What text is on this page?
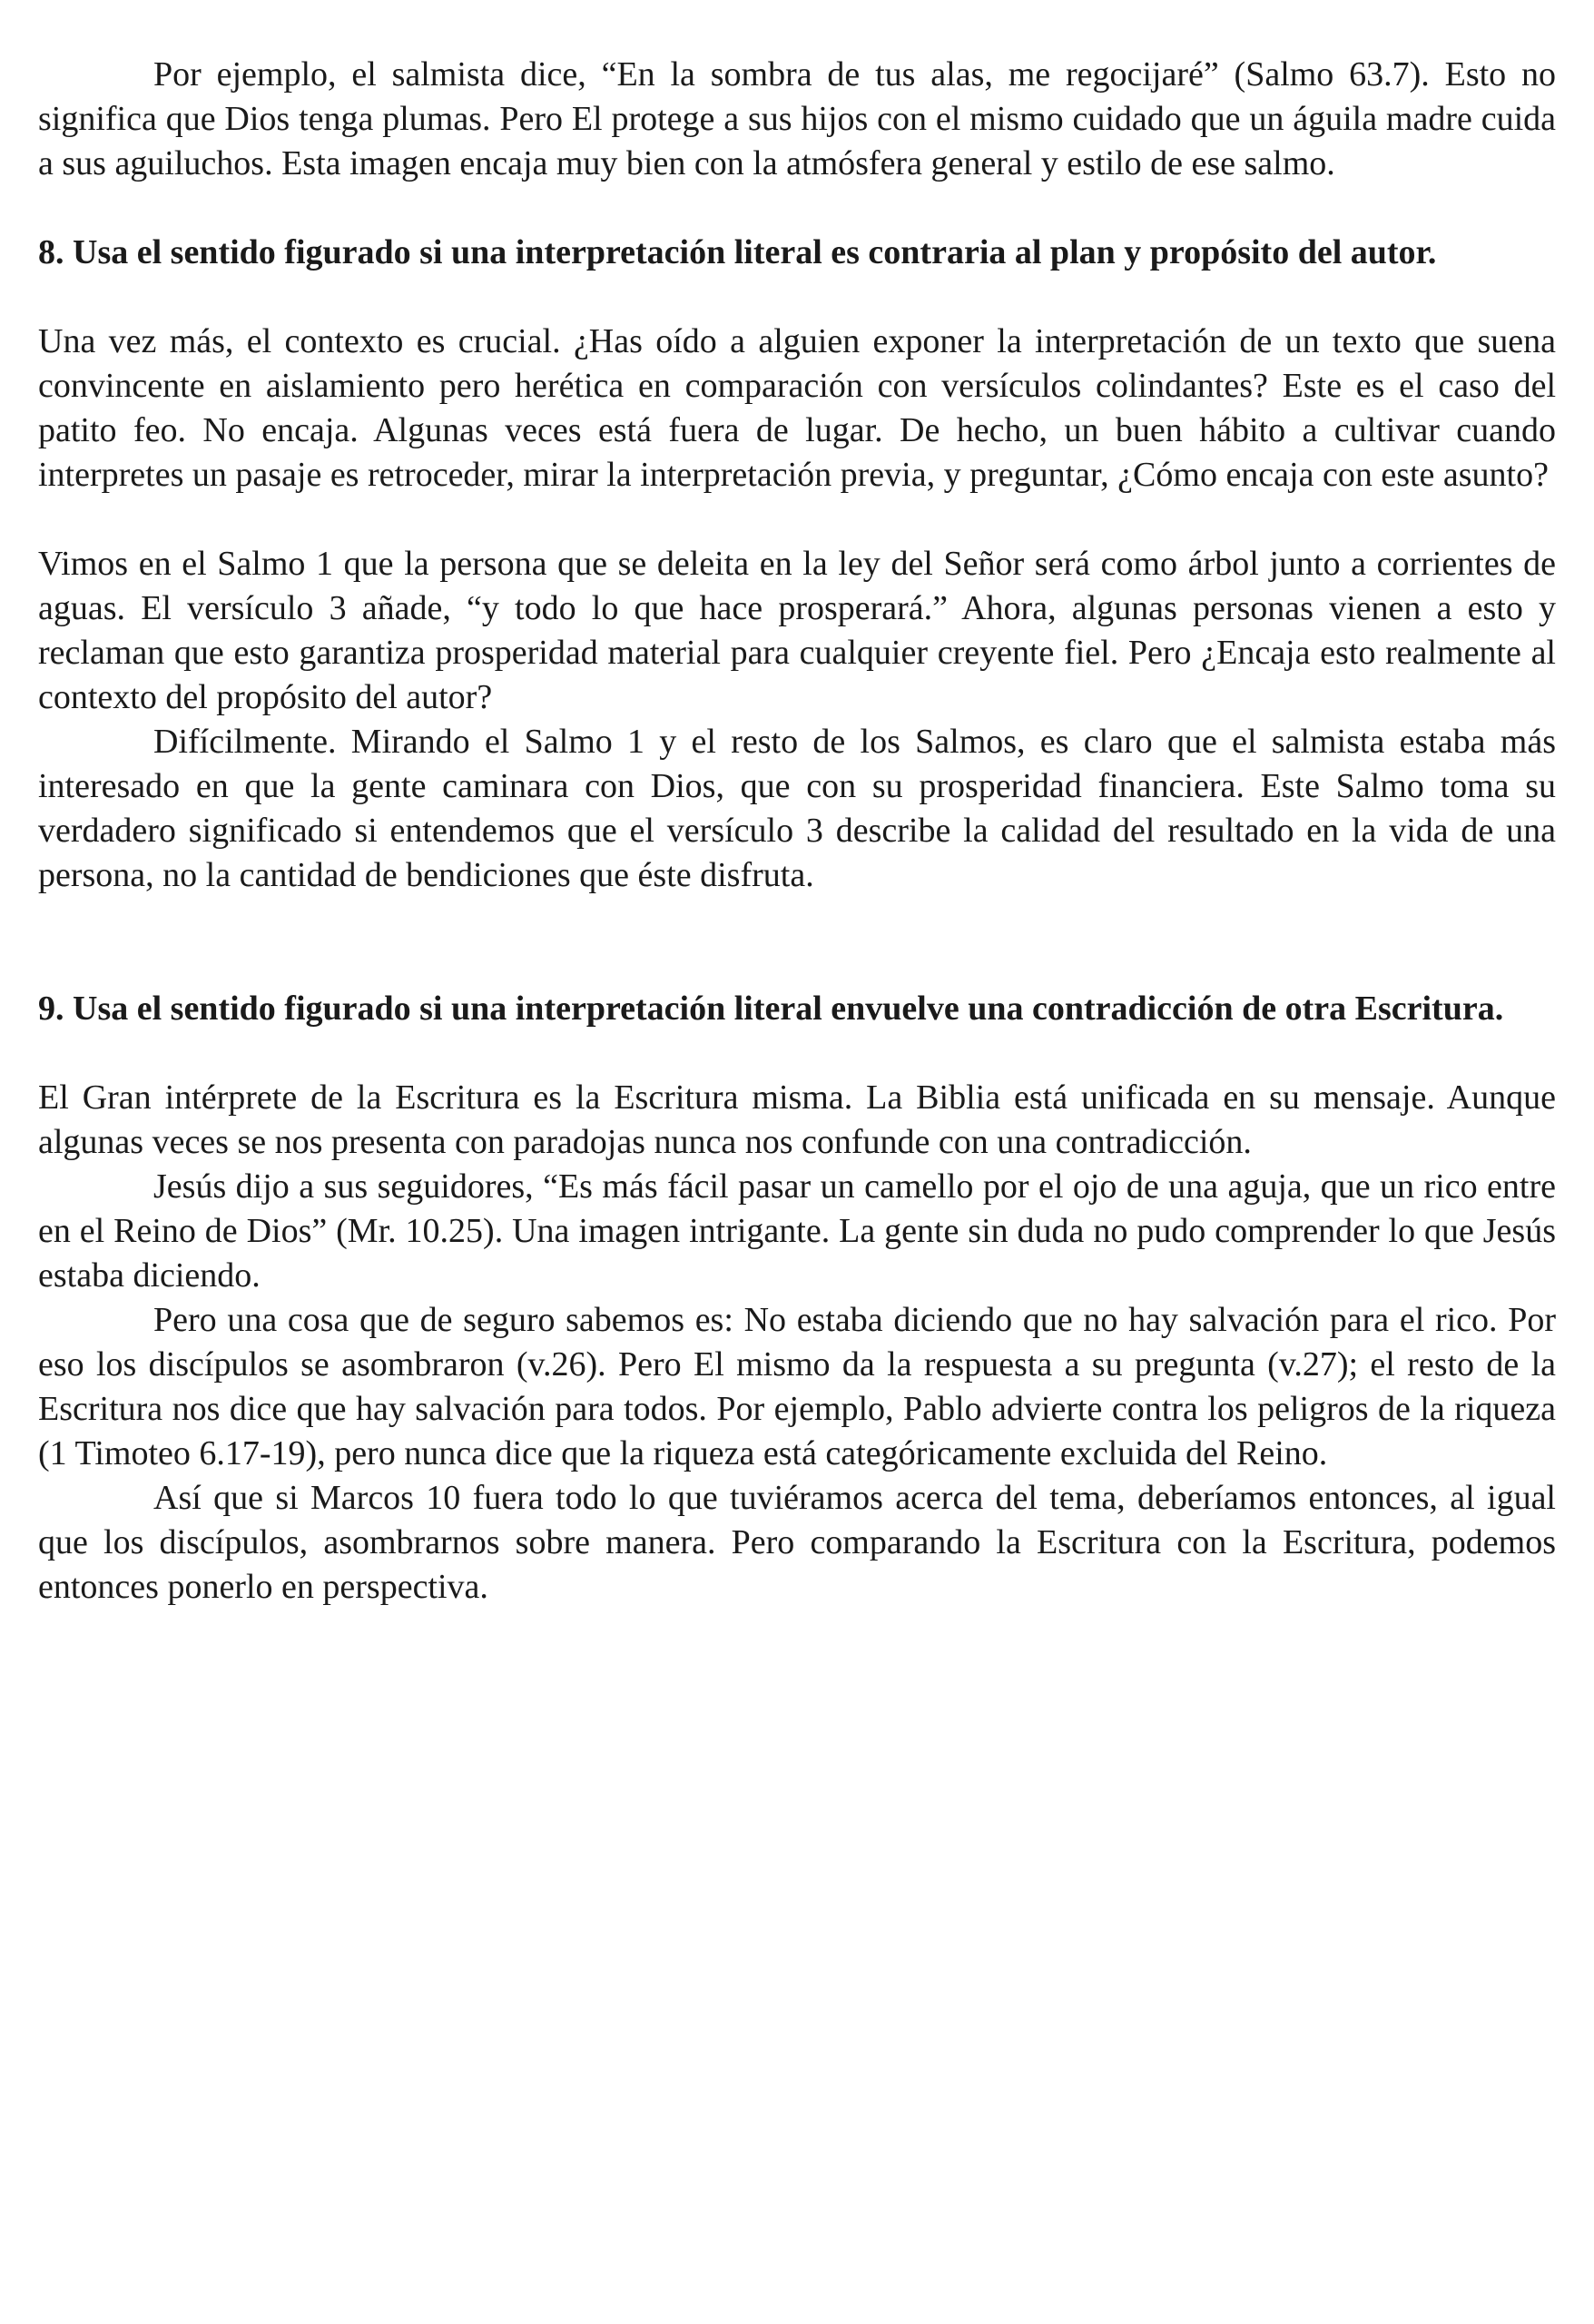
Por ejemplo, el salmista dice, “En la sombra de tus alas, me regocijaré” (Salmo 63.7). Esto no significa que Dios tenga plumas. Pero El protege a sus hijos con el mismo cuidado que un águila madre cuida a sus aguiluchos. Esta imagen encaja muy bien con la atmósfera general y estilo de ese salmo.

8. Usa el sentido figurado si una interpretación literal es contraria al plan y propósito del autor.

Una vez más, el contexto es crucial. ¿Has oído a alguien exponer la interpretación de un texto que suena convincente en aislamiento pero herética en comparación con versículos colindantes? Este es el caso del patito feo. No encaja. Algunas veces está fuera de lugar. De hecho, un buen hábito a cultivar cuando interpretes un pasaje es retroceder, mirar la interpretación previa, y preguntar, ¿Cómo encaja con este asunto?

Vimos en el Salmo 1 que la persona que se deleita en la ley del Señor será como árbol junto a corrientes de aguas. El versículo 3 añade, “y todo lo que hace prosperará.” Ahora, algunas personas vienen a esto y reclaman que esto garantiza prosperidad material para cualquier creyente fiel. Pero ¿Encaja esto realmente al contexto del propósito del autor?

Difícilmente. Mirando el Salmo 1 y el resto de los Salmos, es claro que el salmista estaba más interesado en que la gente caminara con Dios, que con su prosperidad financiera. Este Salmo toma su verdadero significado si entendemos que el versículo 3 describe la calidad del resultado en la vida de una persona, no la cantidad de bendiciones que éste disfruta.

9. Usa el sentido figurado si una interpretación literal envuelve una contradicción de otra Escritura.

El Gran intérprete de la Escritura es la Escritura misma. La Biblia está unificada en su mensaje. Aunque algunas veces se nos presenta con paradojas nunca nos confunde con una contradicción.

Jesús dijo a sus seguidores, “Es más fácil pasar un camello por el ojo de una aguja, que un rico entre en el Reino de Dios” (Mr. 10.25). Una imagen intrigante. La gente sin duda no pudo comprender lo que Jesús estaba diciendo.

Pero una cosa que de seguro sabemos es: No estaba diciendo que no hay salvación para el rico. Por eso los discípulos se asombraron (v.26). Pero El mismo da la respuesta a su pregunta (v.27); el resto de la Escritura nos dice que hay salvación para todos. Por ejemplo, Pablo advierte contra los peligros de la riqueza (1 Timoteo 6.17-19), pero nunca dice que la riqueza está categóricamente excluida del Reino.

Así que si Marcos 10 fuera todo lo que tuviéramos acerca del tema, deberíamos entonces, al igual que los discípulos, asombrarnos sobre manera. Pero comparando la Escritura con la Escritura, podemos entonces ponerlo en perspectiva.
